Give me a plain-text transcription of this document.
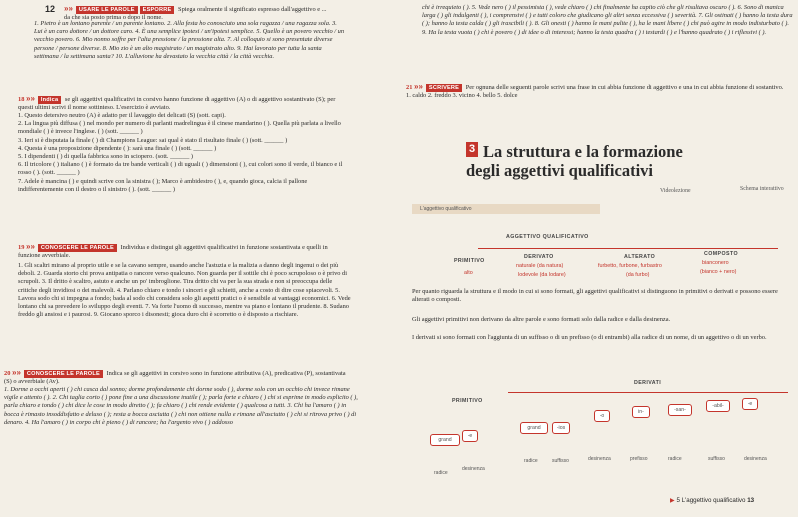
12 »» USARE LE PAROLE ESPORRE Spiega oralmente il significato espresso dall'aggettivo e ...
da che sia posto prima o dopo il nome.
1. Pietro è un lontano parente / un parente lontano. 2. Alla festa ho conosciuto una sola ragazza / una ragazza sola. 3. Lui è un caro dottore / un dottore caro. 4. È una semplice ipotesi / un'ipotesi semplice. 5. Quello è un povero vecchio / un vecchio povero. 6. Mio nonno soffre per l'alta pressione / la pressione alta. 7. Al colloquio si sono presentate diverse persone / persone diverse. 8. Mio zio è un alto magistrato / un magistrato alto. 9. Hai lavorato per tutta la santa settimana / la settimana santa? 10. L'alluvione ha devastato la vecchia città / la città vecchia.
18 »» Indica se gli aggettivi qualificativi in corsivo hanno funzione di aggettivo (A) o di aggettivo sostantivato (S); per questi ultimi scrivi il nome sottinteso. L'esercizio è avviato.
1. Questo detersivo neutro (A) è adatto per il lavaggio dei delicati (S) (sott. capi).
2. La lingua più diffusa ( ) nel mondo per numero di parlanti madrelingua è il cinese mandarino ( ). Quella più parlata a livello mondiale ( ) è invece l'inglese. ( ) (sott. ______ )
3. Ieri si è disputata la finale ( ) di Champions League: sai qual è stato il risultato finale ( ) (sott. ______ )
4. Questa è una proposizione dipendente ( ): sarà una finale ( ) (sott. ______ )
5. I dipendenti ( ) di quella fabbrica sono in sciopero. (sott. ______ )
6. Il tricolore ( ) italiano ( ) è formato da tre bande verticali ( ) di uguali ( ) dimensioni ( ), cui colori sono il verde, il bianco e il rosso ( ). (sott. ______ )
7. Adele è mancina ( ) e quindi scrive con la sinistra ( ); Marco è ambidestro ( ), e, quando gioca, calcia il pallone indifferentemente con il destro o il sinistro ( ). (sott. ______ )
19 »» CONOSCERE LE PAROLE Individua e distingui gli aggettivi qualificativi in funzione sostantivata e quelli in funzione avverbiale.
1. Gli scaltri mirano al proprio utile e se la cavano sempre, usando anche l'astuzia e la malizia a danno degli ingenui o dei più deboli. 2. Guarda storto chi prova antipatia o rancore verso qualcuno. Non guarda per il sottile chi è poco scrupoloso o è privo di scrupoli. 3. Il dritto è scaltro, astuto e anche un po' imbroglione. Tira dritto chi va per la sua strada e non si preoccupa delle critiche degli invidiosi o dei malevoli. 4. Parlano chiaro e tondo i sinceri e gli schietti, anche a costo di dire cose spiacevoli. 5. Lavora sodo chi si impegna a fondo; bada al sodo chi considera solo gli aspetti pratici o è sensibile ai vantaggi economici. 6. Vede lontano chi sa prevedere lo sviluppo degli eventi. 7. Va forte l'uomo di successo, mentre va piano e lontano il prudente. 8. Sudano freddo gli ansiosi e i paurosi. 9. Giocano sporco i disonesti; gioca duro chi è scorretto o è disposto a rischiare.
20 »» CONOSCERE LE PAROLE Indica se gli aggettivi in corsivo sono in funzione attributiva (A), predicativa (P), sostantivata (S) o avverbiale (Av).
1. Dorme a occhi aperti ( ) chi casca dal sonno; dorme profondamente chi dorme sodo ( ), dorme solo con un occhio chi invece rimane vigile e attento ( ). 2. Chi taglia corto ( ) pone fine a una discussione inutile ( ); parla forte e chiaro ( ) chi si esprime in modo esplicito ( ), parla chiaro e tondo ( ) chi dice le cose in modo diretto ( ); fa chiaro ( ) chi rende evidente ( ) qualcosa a tutti. 3. Chi ha l'amaro ( ) in bocca è rimasto insoddisfatto e deluso ( ); resta a bocca asciutta ( ) chi non ottiene nulla e rimane all'asciutto ( ) chi si ritrova privo ( ) di denaro. 4. Ha l'amaro ( ) in corpo chi è pieno ( ) di rancore; ha l'argento vivo ( ) addosso
chi è irrequieto ( ). 5. Vede nero ( ) il pessimista ( ), vede chiaro ( ) chi finalmente ha capito ciò che gli risultava oscuro ( ). 6. Sono di manica larga ( ) gli indulgenti ( ), i comprensivi ( ) e tutti coloro che giudicano gli altri senza eccessiva ( ) severità. 7. Gli ostinati ( ) hanno la testa dura ( ); hanno la testa calda ( ) gli irascibili ( ). 8. Gli onesti ( ) hanno le mani pulite ( ), ha le mani libere ( ) chi può agire in modo indisturbato ( ). 9. Ha la testa vuota ( ) chi è povero ( ) di idee o di interessi; hanno la testa quadra ( ) i testardi ( ) e l'hanno quadrato ( ) i riflessivi ( ).
21 »» SCRIVERE Per ognuna delle seguenti parole scrivi una frase in cui abbia funzione di aggettivo e una in cui abbia funzione di sostantivo.
1. caldo 2. freddo 3. vicino 4. bello 5. dolce
3 La struttura e la formazione
degli aggettivi qualificativi
Videolezione	Schema interattivo
L'aggettivo qualificativo
AGGETTIVO QUALIFICATIVO
PRIMITIVO
alto
DERIVATO
naturale (da natura)
lodevole (da lodare)
ALTERATO
furbetto, furbone, furbastro
(da furbo)
COMPOSTO
bianconero
(bianco + nero)
Per quanto riguarda la struttura e il modo in cui si sono formati, gli aggettivi qualificativi si distinguono in primitivi o derivati e possono essere alterati o composti.
Gli aggettivi primitivi non derivano da altre parole e sono formati solo dalla radice e dalla desinenza.
I derivati si sono formati con l'aggiunta di un suffisso o di un prefisso (o di entrambi) alla radice di un nome, di un aggettivo o di un verbo.
DERIVATI
PRIMITIVO
grand
-e
grand	-ios
-o
in-	-san-
-abil-	-e
radice
desinenza
radice	suffisso	desinenza	prefisso	radice	suffisso	desinenza
▶ 5 L'aggettivo qualificativo 13
